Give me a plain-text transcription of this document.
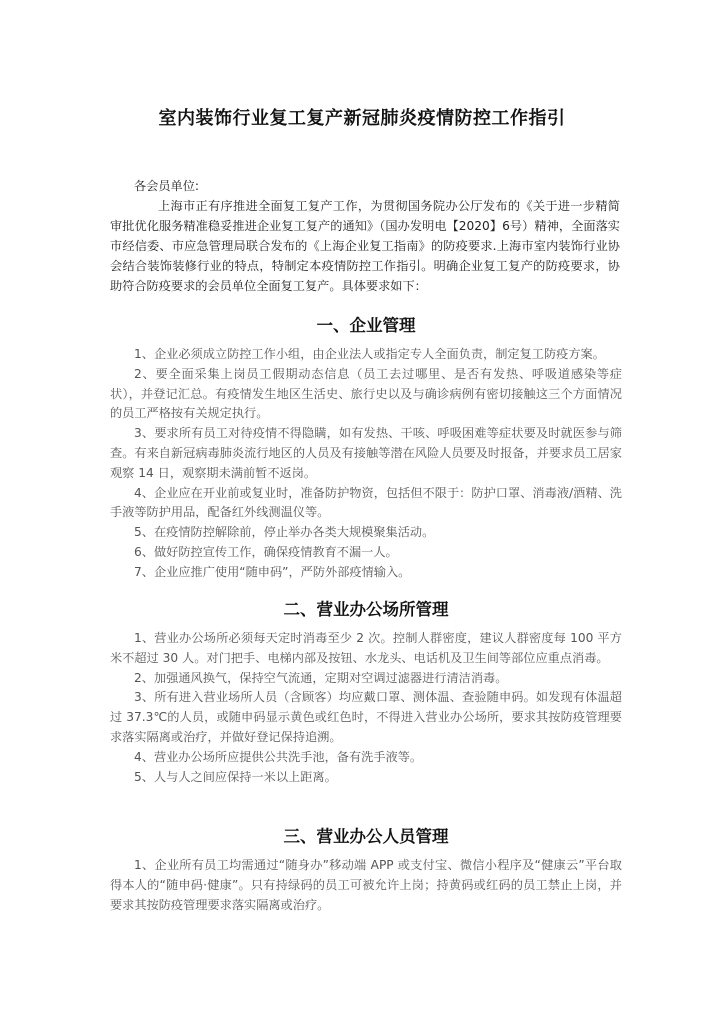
室内装饰行业复工复产新冠肺炎疫情防控工作指引
各会员单位:

上海市正有序推进全面复工复产工作，为贯彻国务院办公厅发布的《关于进一步精简审批优化服务精准稳妥推进企业复工复产的通知》（国办发明电【2020】6号）精神，全面落实市经信委、市应急管理局联合发布的《上海企业复工指南》的防疫要求.上海市室内装饰行业协会结合装饰装修行业的特点，特制定本疫情防控工作指引。明确企业复工复产的防疫要求，协助符合防疫要求的会员单位全面复工复产。具体要求如下：

一、企业管理
1、企业必须成立防控工作小组，由企业法人或指定专人全面负责，制定复工防疫方案。
2、要全面采集上岗员工假期动态信息（员工去过哪里、是否有发热、呼吸道感染等症状），并登记汇总。有疫情发生地区生活史、旅行史以及与确诊病例有密切接触这三个方面情况的员工严格按有关规定执行。
3、要求所有员工对待疫情不得隐瞒，如有发热、干咳、呼吸困难等症状要及时就医参与筛查。有来自新冠病毒肺炎流行地区的人员及有接触等潜在风险人员要及时报备，并要求员工居家观察 14 日，观察期未满前暂不返岗。
4、企业应在开业前或复业时，准备防护物资，包括但不限于：防护口罩、消毒液/酒精、洗手液等防护用品，配备红外线测温仪等。
5、在疫情防控解除前，停止举办各类大规模聚集活动。
6、做好防控宣传工作，确保疫情教育不漏一人。
7、企业应推广使用“随申码”，严防外部疫情输入。
二、营业办公场所管理
1、营业办公场所必须每天定时消毒至少 2 次。控制人群密度，建议人群密度每 100 平方米不超过 30 人。对门把手、电梯内部及按钮、水龙头、电话机及卫生间等部位应重点消毒。
2、加强通风换气，保持空气流通，定期对空调过滤器进行清洁消毒。
3、所有进入营业场所人员（含顾客）均应戴口罩、测体温、查验随申码。如发现有体温超过 37.3℃的人员，或随申码显示黄色或红色时，不得进入营业办公场所，要求其按防疫管理要求落实隔离或治疗，并做好登记保持追溯。
4、营业办公场所应提供公共洗手池，备有洗手液等。
5、人与人之间应保持一米以上距离。
三、营业办公人员管理
1、企业所有员工均需通过“随身办”移动端 APP 或支付宝、微信小程序及“健康云”平台取得本人的“随申码·健康”。只有持绿码的员工可被允许上岗；持黄码或红码的员工禁止上岗，并要求其按防疫管理要求落实隔离或治疗。
